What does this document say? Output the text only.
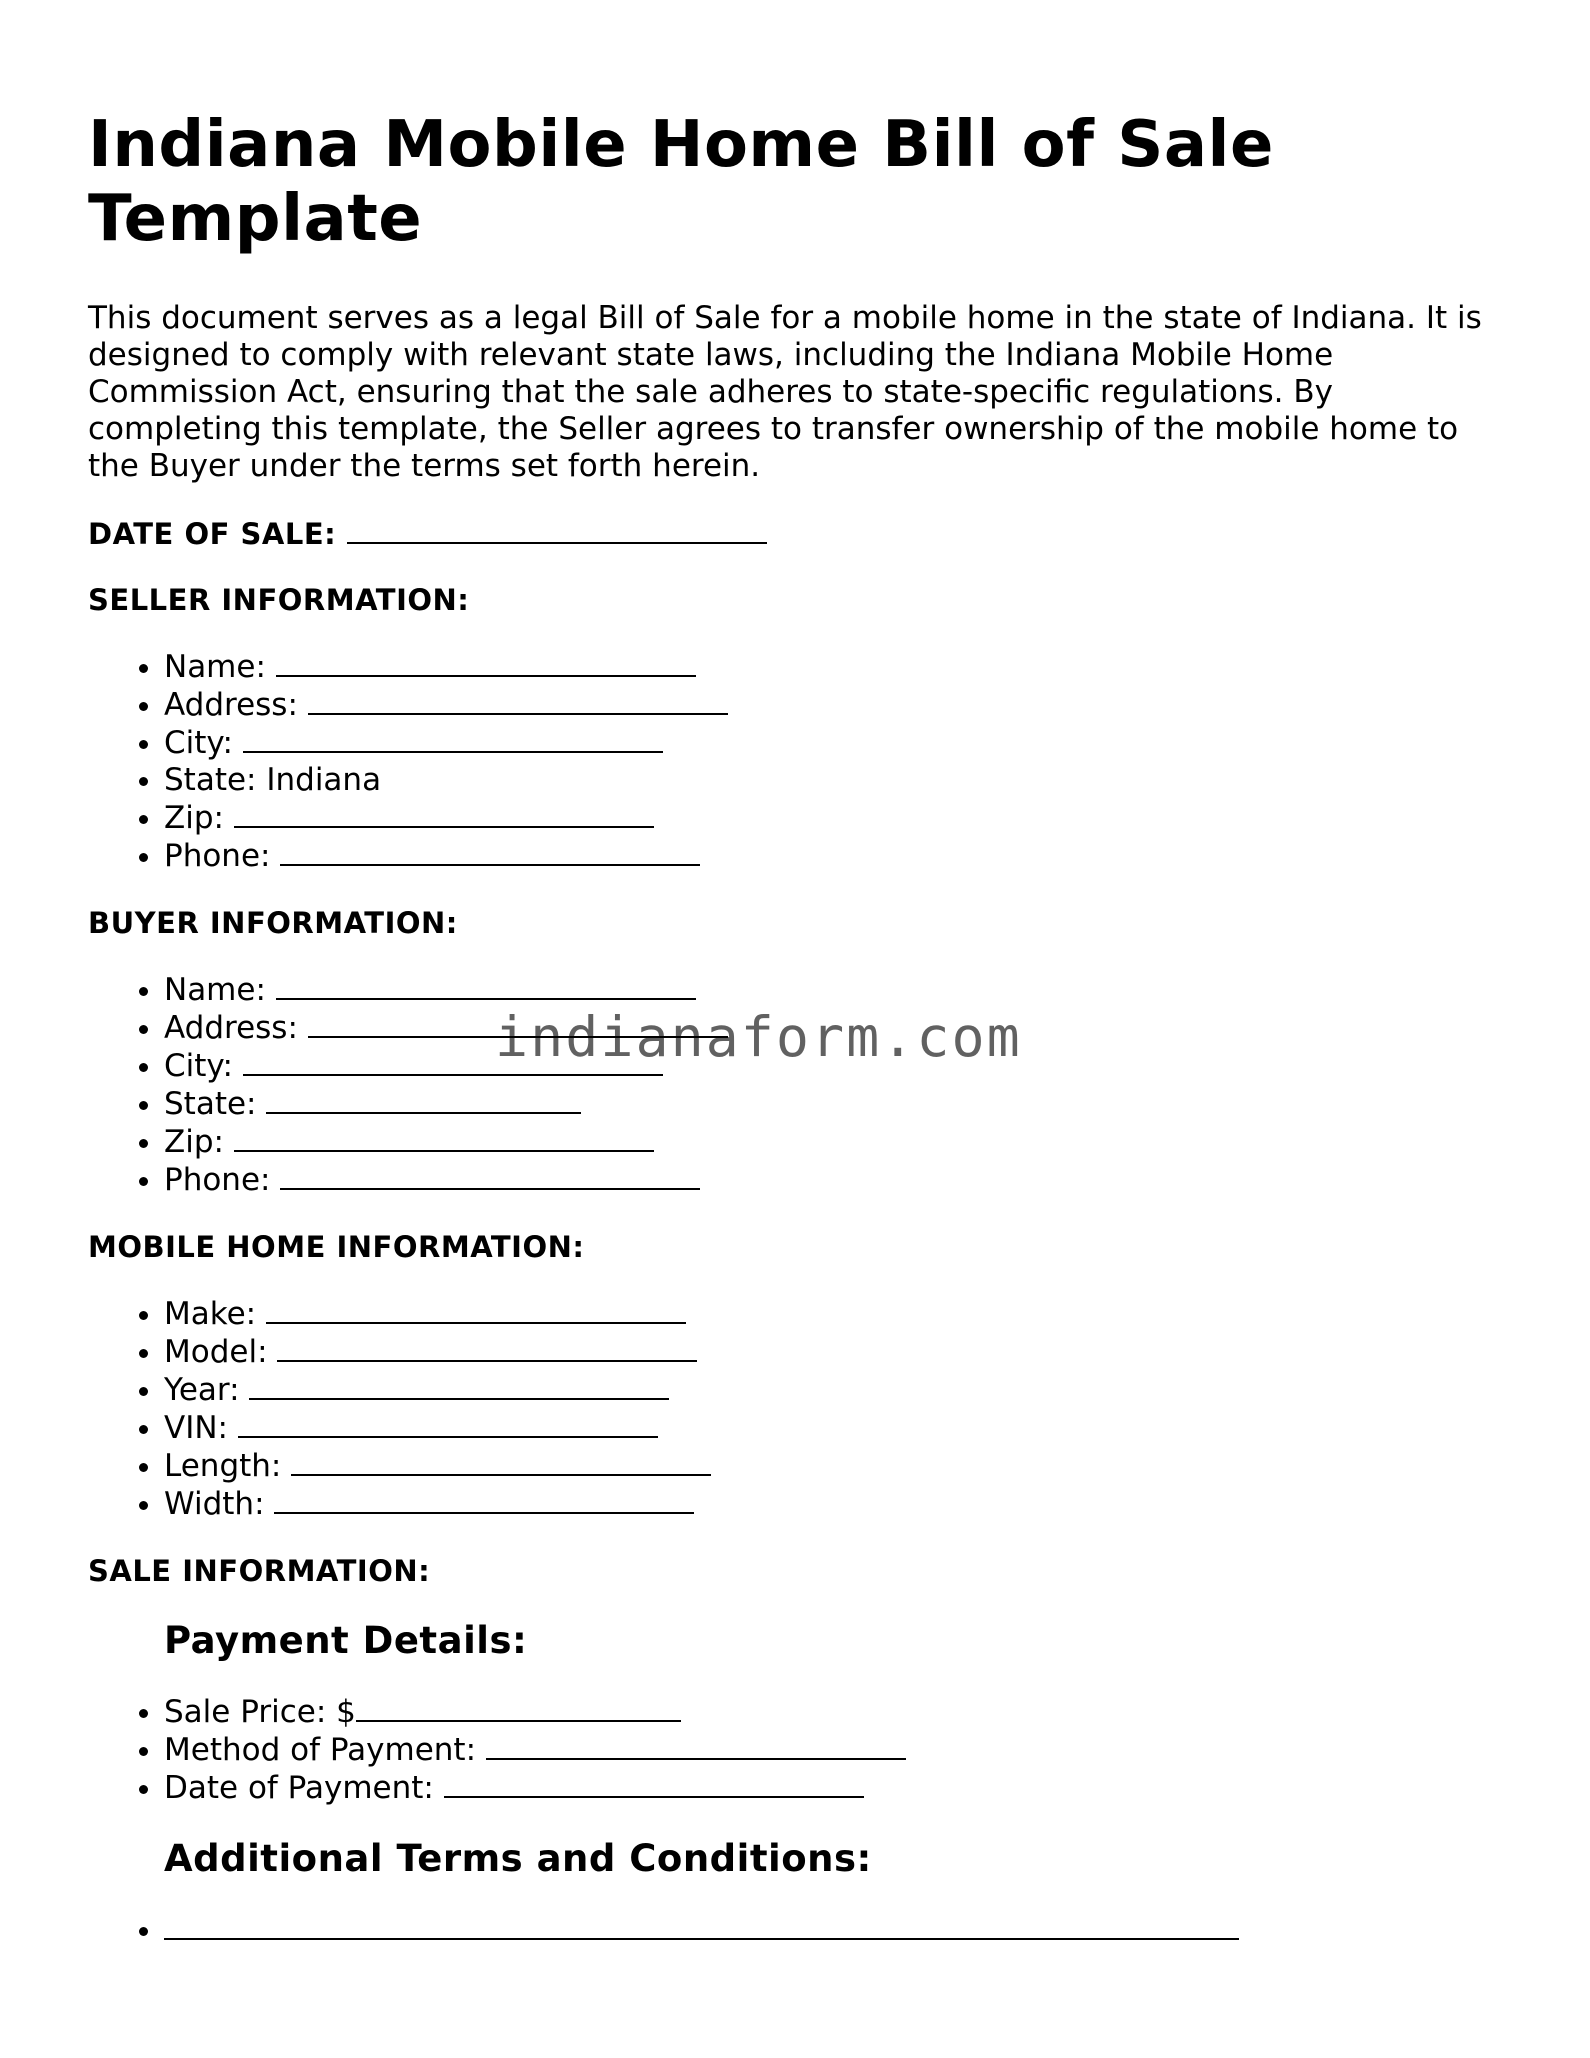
Indiana Mobile Home Bill of Sale Template

This document serves as a legal Bill of Sale for a mobile home in the state of Indiana. It is designed to comply with relevant state laws, including the Indiana Mobile Home Commission Act, ensuring that the sale adheres to state-specific regulations. By completing this template, the Seller agrees to transfer ownership of the mobile home to the Buyer under the terms set forth herein.

DATE OF SALE:

SELLER INFORMATION:

• Name:
• Address:
• City:
• State: Indiana
• Zip:
• Phone:

BUYER INFORMATION:

• Name:
• Address:
• City:
• State:
• Zip:
• Phone:

MOBILE HOME INFORMATION:

• Make:
• Model:
• Year:
• VIN:
• Length:
• Width:

SALE INFORMATION:

Payment Details:
• Sale Price: $
• Method of Payment:
• Date of Payment:
Additional Terms and Conditions:
•
indianaform.com
